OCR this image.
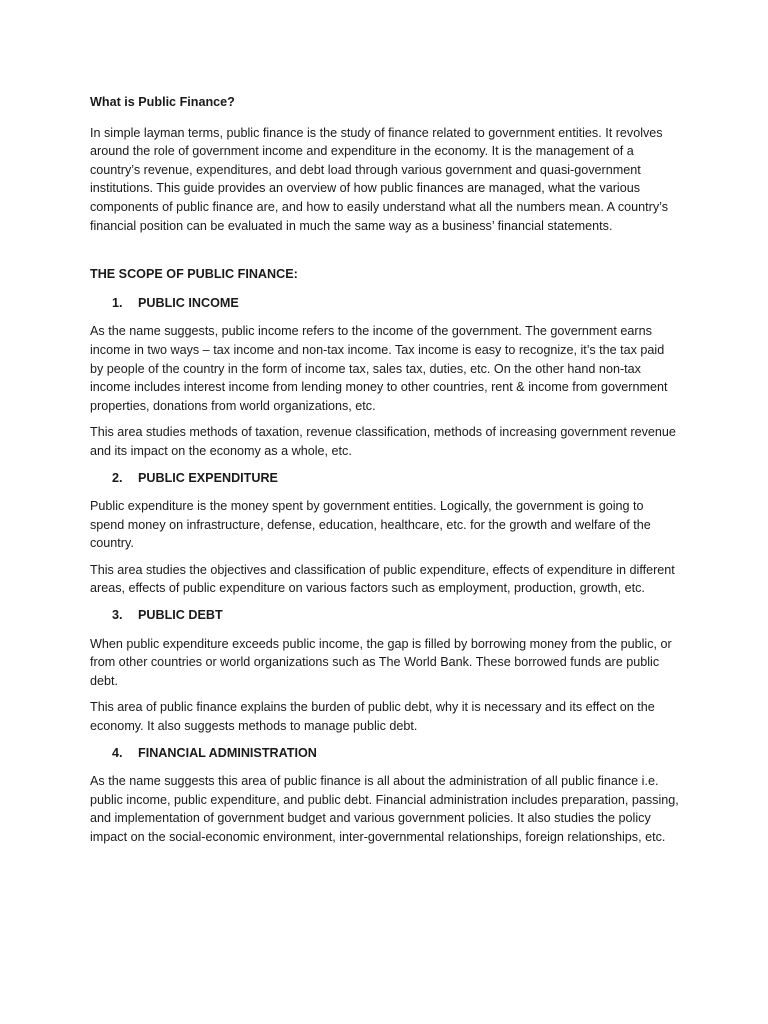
What is Public Finance?

In simple layman terms, public finance is the study of finance related to government entities. It revolves around the role of government income and expenditure in the economy. It is the management of a country’s revenue, expenditures, and debt load through various government and quasi-government institutions. This guide provides an overview of how public finances are managed, what the various components of public finance are, and how to easily understand what all the numbers mean. A country’s financial position can be evaluated in much the same way as a business’ financial statements.

THE SCOPE OF PUBLIC FINANCE:
1.	PUBLIC INCOME

As the name suggests, public income refers to the income of the government. The government earns income in two ways – tax income and non-tax income. Tax income is easy to recognize, it’s the tax paid by people of the country in the form of income tax, sales tax, duties, etc. On the other hand non-tax income includes interest income from lending money to other countries, rent & income from government properties, donations from world organizations, etc.

This area studies methods of taxation, revenue classification, methods of increasing government revenue and its impact on the economy as a whole, etc.

2.	PUBLIC EXPENDITURE

Public expenditure is the money spent by government entities. Logically, the government is going to spend money on infrastructure, defense, education, healthcare, etc. for the growth and welfare of the country.

This area studies the objectives and classification of public expenditure, effects of expenditure in different areas, effects of public expenditure on various factors such as employment, production, growth, etc.

3.	PUBLIC DEBT

When public expenditure exceeds public income, the gap is filled by borrowing money from the public, or from other countries or world organizations such as The World Bank. These borrowed funds are public debt.

This area of public finance explains the burden of public debt, why it is necessary and its effect on the economy. It also suggests methods to manage public debt.

4.	FINANCIAL ADMINISTRATION

As the name suggests this area of public finance is all about the administration of all public finance i.e. public income, public expenditure, and public debt. Financial administration includes preparation, passing, and implementation of government budget and various government policies. It also studies the policy impact on the social-economic environment, inter-governmental relationships, foreign relationships, etc.
